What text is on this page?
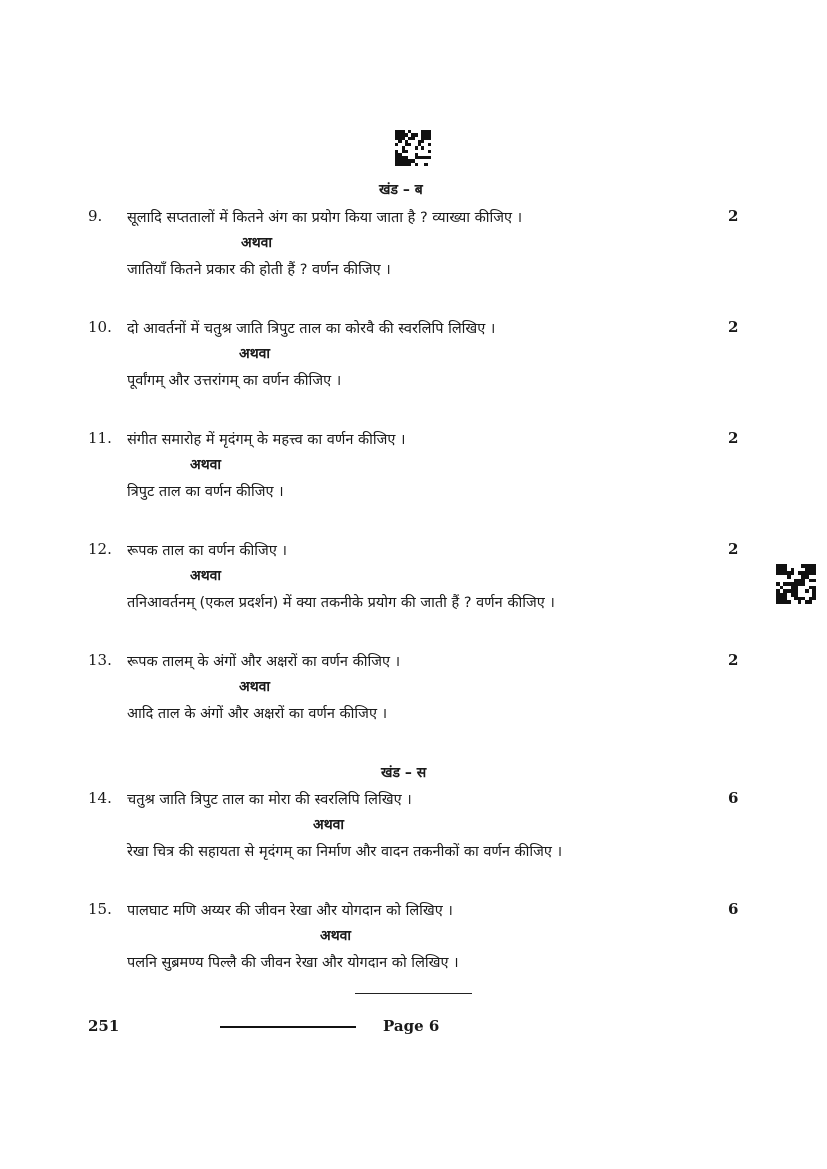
खंड – ब
9. सूलादि सप्ततालों में कितने अंग का प्रयोग किया जाता है ? व्याख्या कीजिए ।	2
अथवा
जातियाँ कितने प्रकार की होती हैं ? वर्णन कीजिए ।
10. दो आवर्तनों में चतुश्र जाति त्रिपुट ताल का कोरवै की स्वरलिपि लिखिए ।	2
अथवा
पूर्वांगम् और उत्तरांगम् का वर्णन कीजिए ।
11. संगीत समारोह में मृदंगम् के महत्त्व का वर्णन कीजिए ।	2
अथवा
त्रिपुट ताल का वर्णन कीजिए ।
12. रूपक ताल का वर्णन कीजिए ।	2
अथवा
तनिआवर्तनम् (एकल प्रदर्शन) में क्या तकनीके प्रयोग की जाती हैं ? वर्णन कीजिए ।
13. रूपक तालम् के अंगों और अक्षरों का वर्णन कीजिए ।	2
अथवा
आदि ताल के अंगों और अक्षरों का वर्णन कीजिए ।
खंड – स
14. चतुश्र जाति त्रिपुट ताल का मोरा की स्वरलिपि लिखिए ।	6
अथवा
रेखा चित्र की सहायता से मृदंगम् का निर्माण और वादन तकनीकों का वर्णन कीजिए ।
15. पालघाट मणि अय्यर की जीवन रेखा और योगदान को लिखिए ।	6
अथवा
पलनि सुब्रमण्य पिल्लै की जीवन रेखा और योगदान को लिखिए ।
251	Page 6
